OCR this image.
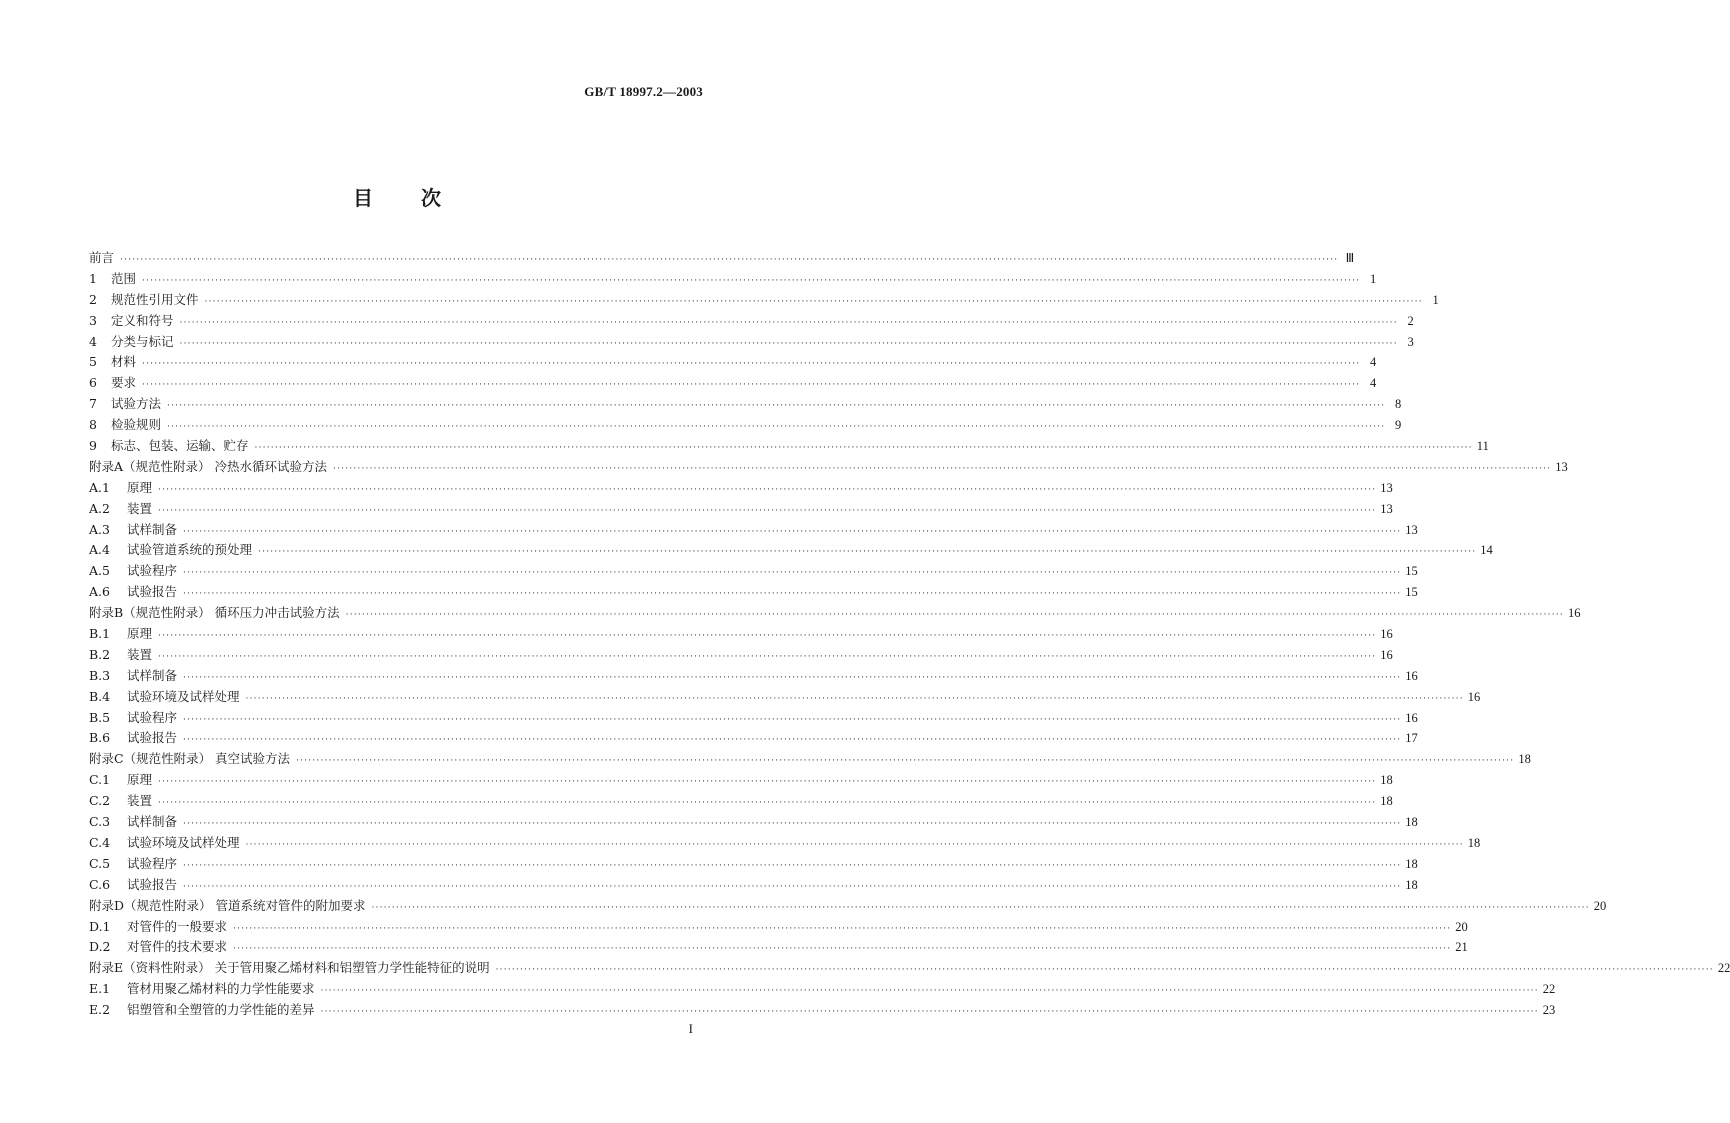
GB/T 18997.2—2003
目 次
前言 ············································································································································································································································································································ Ⅲ
1	范围 ············································································································································································································································································································ 1
2	规范性引用文件 ············································································································································································································································································································ 1
3	定义和符号 ············································································································································································································································································································ 2
4	分类与标记 ············································································································································································································································································································ 3
5	材料 ············································································································································································································································································································ 4
6	要求 ············································································································································································································································································································ 4
7	试验方法 ············································································································································································································································································································ 8
8	检验规则 ············································································································································································································································································································ 9
9	标志、包装、运输、贮存 ············································································································································································································································································································ 11
附录A（规范性附录） 冷热水循环试验方法 ············································································································································································································································································································ 13
A.1	原理 ············································································································································································································································································································ 13
A.2	装置 ············································································································································································································································································································ 13
A.3	试样制备 ············································································································································································································································································································ 13
A.4	试验管道系统的预处理 ············································································································································································································································································································ 14
A.5	试验程序 ············································································································································································································································································································ 15
A.6	试验报告 ············································································································································································································································································································ 15
附录B（规范性附录） 循环压力冲击试验方法 ············································································································································································································································································································ 16
B.1	原理 ············································································································································································································································································································ 16
B.2	装置 ············································································································································································································································································································ 16
B.3	试样制备 ············································································································································································································································································································ 16
B.4	试验环境及试样处理 ············································································································································································································································································································ 16
B.5	试验程序 ············································································································································································································································································································ 16
B.6	试验报告 ············································································································································································································································································································ 17
附录C（规范性附录） 真空试验方法 ············································································································································································································································································································ 18
C.1	原理 ············································································································································································································································································································ 18
C.2	装置 ············································································································································································································································································································ 18
C.3	试样制备 ············································································································································································································································································································ 18
C.4	试验环境及试样处理 ············································································································································································································································································································ 18
C.5	试验程序 ············································································································································································································································································································ 18
C.6	试验报告 ············································································································································································································································································································ 18
附录D（规范性附录） 管道系统对管件的附加要求 ············································································································································································································································································································ 20
D.1	对管件的一般要求 ············································································································································································································································································································ 20
D.2	对管件的技术要求 ············································································································································································································································································································ 21
附录E（资料性附录） 关于管用聚乙烯材料和铝塑管力学性能特征的说明 ············································································································································································································································································································ 22
E.1	管材用聚乙烯材料的力学性能要求 ············································································································································································································································································································ 22
E.2	铝塑管和全塑管的力学性能的差异 ············································································································································································································································································································ 23
I
